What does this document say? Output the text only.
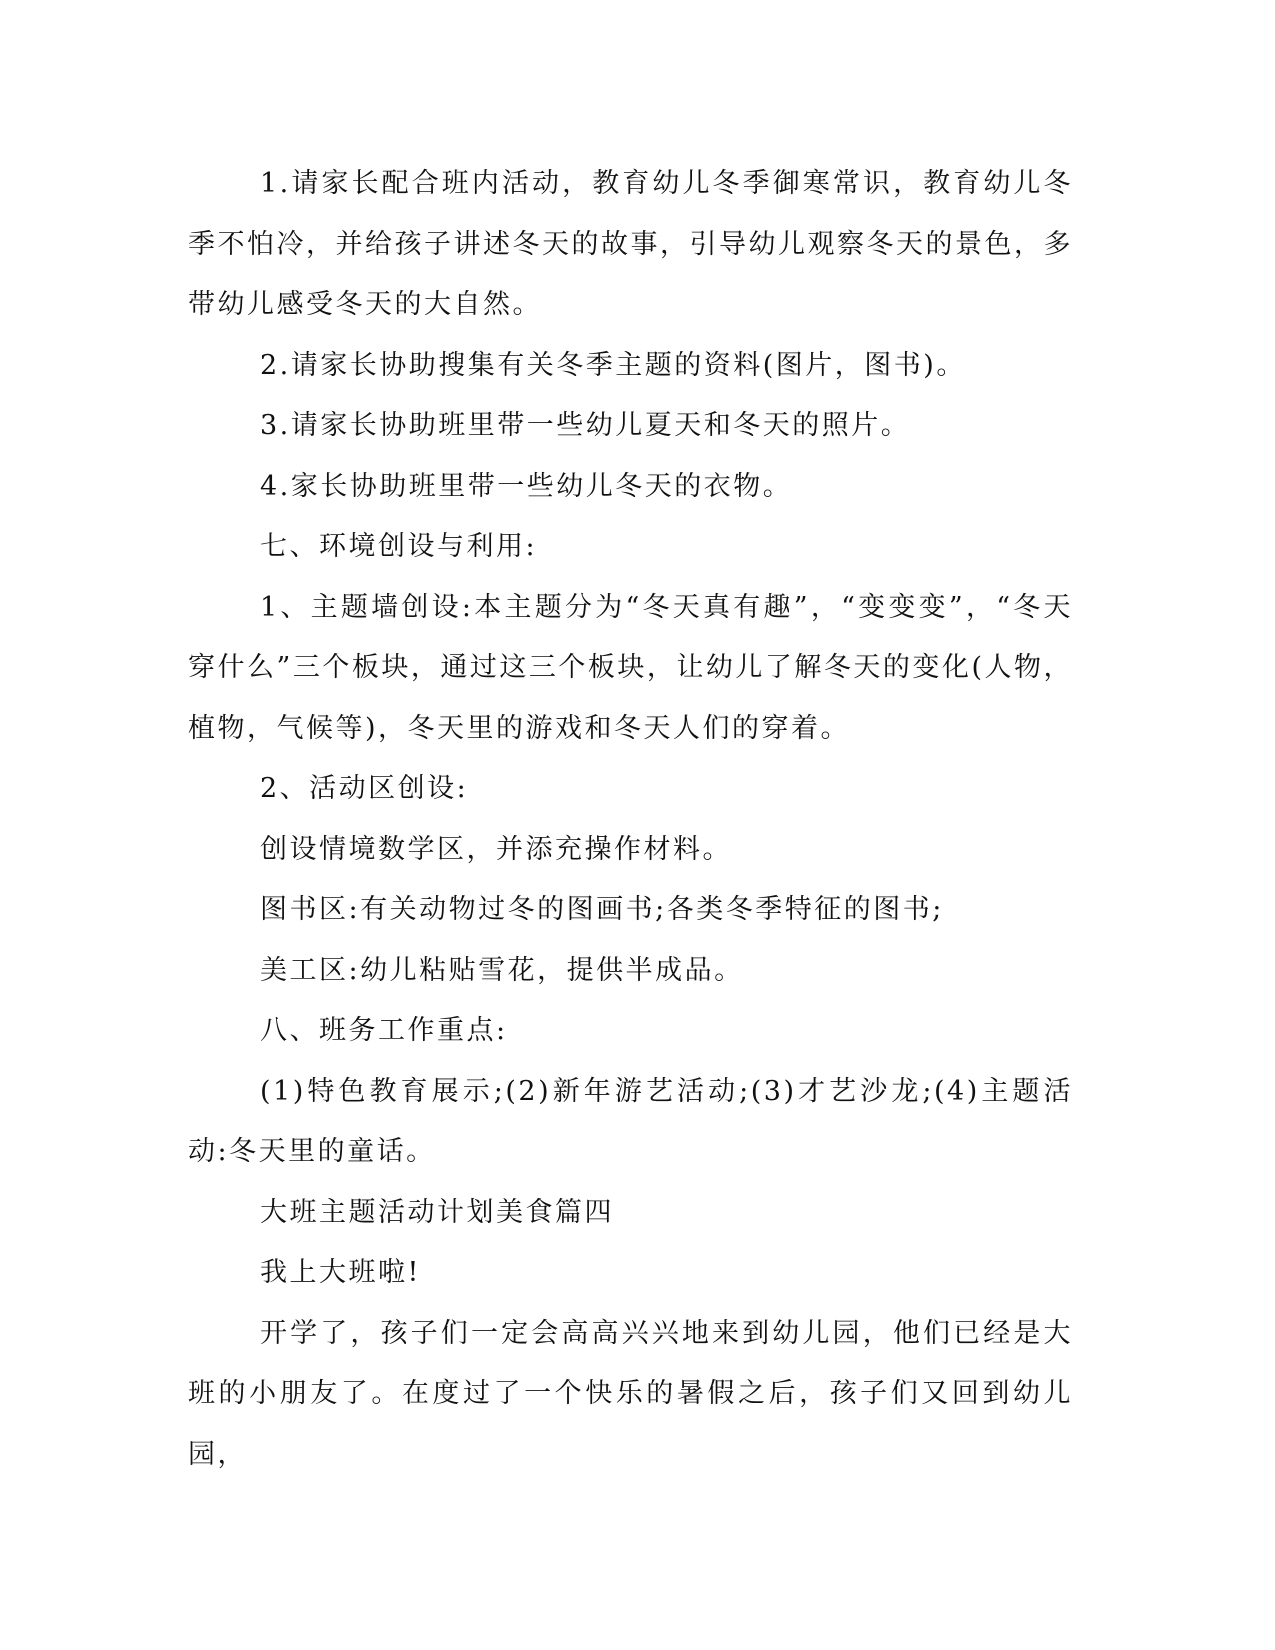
1.请家长配合班内活动，教育幼儿冬季御寒常识，教育幼儿冬季不怕冷，并给孩子讲述冬天的故事，引导幼儿观察冬天的景色，多带幼儿感受冬天的大自然。

2.请家长协助搜集有关冬季主题的资料(图片，图书)。

3.请家长协助班里带一些幼儿夏天和冬天的照片。

4.家长协助班里带一些幼儿冬天的衣物。

七、环境创设与利用:

1、主题墙创设:本主题分为“冬天真有趣”，“变变变”，“冬天穿什么”三个板块，通过这三个板块，让幼儿了解冬天的变化(人物，植物，气候等)，冬天里的游戏和冬天人们的穿着。

2、活动区创设:

创设情境数学区，并添充操作材料。

图书区:有关动物过冬的图画书;各类冬季特征的图书;

美工区:幼儿粘贴雪花，提供半成品。

八、班务工作重点:

(1)特色教育展示;(2)新年游艺活动;(3)才艺沙龙;(4)主题活动:冬天里的童话。

大班主题活动计划美食篇四

我上大班啦!

开学了，孩子们一定会高高兴兴地来到幼儿园，他们已经是大班的小朋友了。在度过了一个快乐的暑假之后，孩子们又回到幼儿园，
